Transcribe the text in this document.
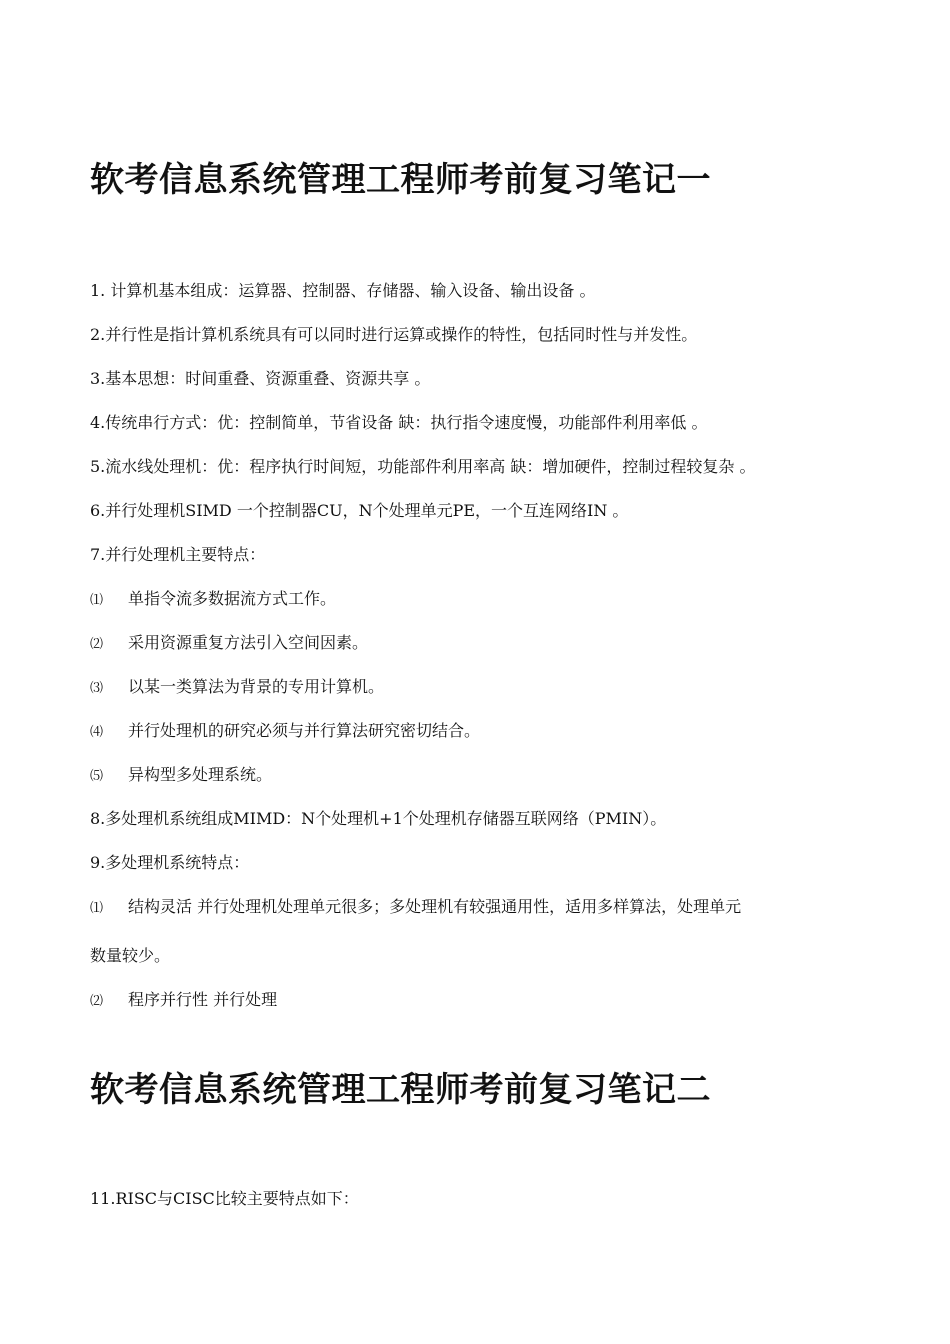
软考信息系统管理工程师考前复习笔记一
1. 计算机基本组成：运算器、控制器、存储器、输入设备、输出设备 。
2.并行性是指计算机系统具有可以同时进行运算或操作的特性，包括同时性与并发性。
3.基本思想：时间重叠、资源重叠、资源共享 。
4.传统串行方式：优：控制简单，节省设备 缺：执行指令速度慢，功能部件利用率低 。
5.流水线处理机：优：程序执行时间短，功能部件利用率高 缺：增加硬件，控制过程较复杂 。
6.并行处理机SIMD 一个控制器CU，N个处理单元PE，一个互连网络IN 。
7.并行处理机主要特点：
⑴ 单指令流多数据流方式工作。
⑵ 采用资源重复方法引入空间因素。
⑶ 以某一类算法为背景的专用计算机。
⑷ 并行处理机的研究必须与并行算法研究密切结合。
⑸ 异构型多处理系统。
8.多处理机系统组成MIMD：N个处理机+1个处理机存储器互联网络（PMIN）。
9.多处理机系统特点：
⑴ 结构灵活 并行处理机处理单元很多；多处理机有较强通用性，适用多样算法，处理单元
数量较少。
⑵ 程序并行性 并行处理
软考信息系统管理工程师考前复习笔记二
11.RISC与CISC比较主要特点如下：
